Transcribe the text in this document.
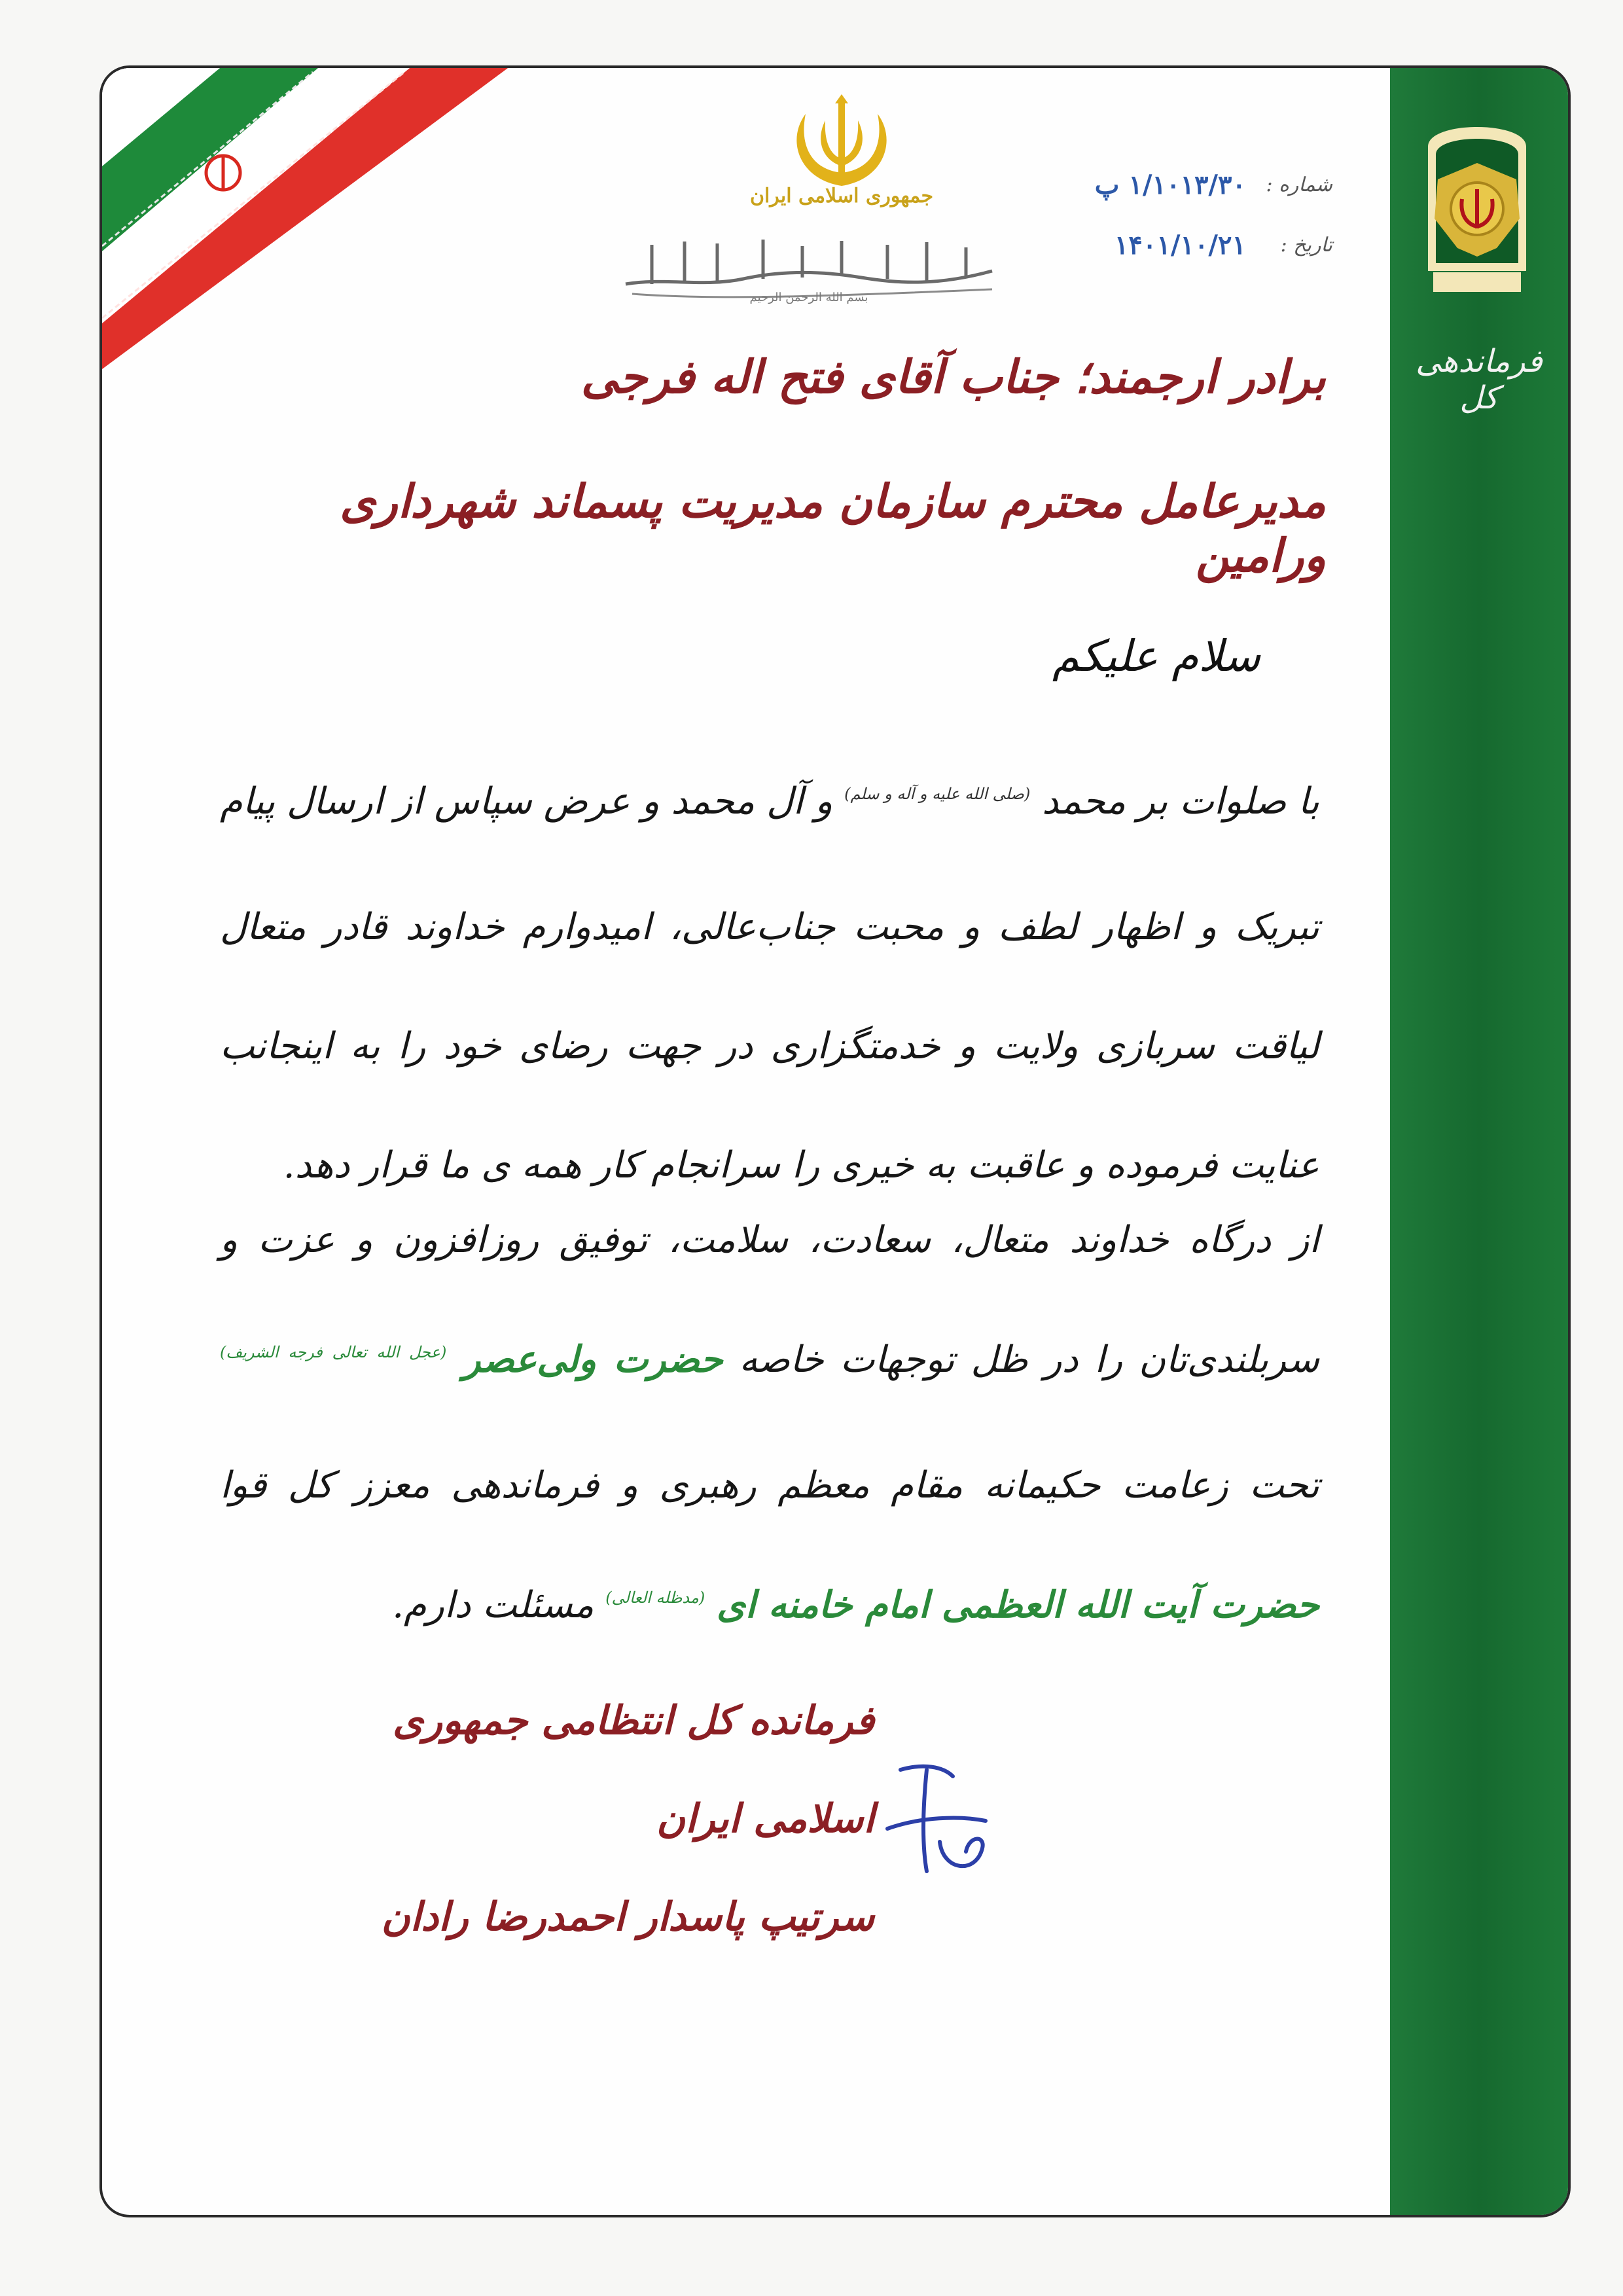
جمهوری اسلامی ایران
بسم الله الرحمن الرحیم
شماره :
۱/۱۰۱۳/۳۰ پ
تاریخ :
۱۴۰۱/۱۰/۲۱
برادر ارجمند؛ جناب آقای فتح اله فرجی
مدیرعامل محترم سازمان مدیریت پسماند شهرداری ورامین
سلام علیکم
با صلوات بر محمد $^{(صلی الله علیه و آله و سلم)}$ و آل محمد و عرض سپاس از ارسال پیام تبریک و اظهار لطف و محبت جناب‌عالی، امیدوارم خداوند قادر متعال لیاقت سربازی ولایت و خدمتگزاری در جهت رضای خود را به اینجانب عنایت فرموده و عاقبت به خیری را سرانجام کار همه ی ما قرار دهد.
از درگاه خداوند متعال، سعادت، سلامت، توفیق روزافزون و عزت و سربلندی‌تان را در ظل توجهات خاصه حضرت ولی‌عصر $^{(عجل الله تعالی فرجه الشریف)}$ تحت زعامت حکیمانه مقام معظم رهبری و فرماندهی معزز کل قوا حضرت آیت الله العظمی امام خامنه ای $^{(مدظله العالی)}$ مسئلت دارم.
فرمانده کل انتظامی جمهوری اسلامی ایران
سرتیپ پاسدار احمدرضا رادان
فرماندهی کل
